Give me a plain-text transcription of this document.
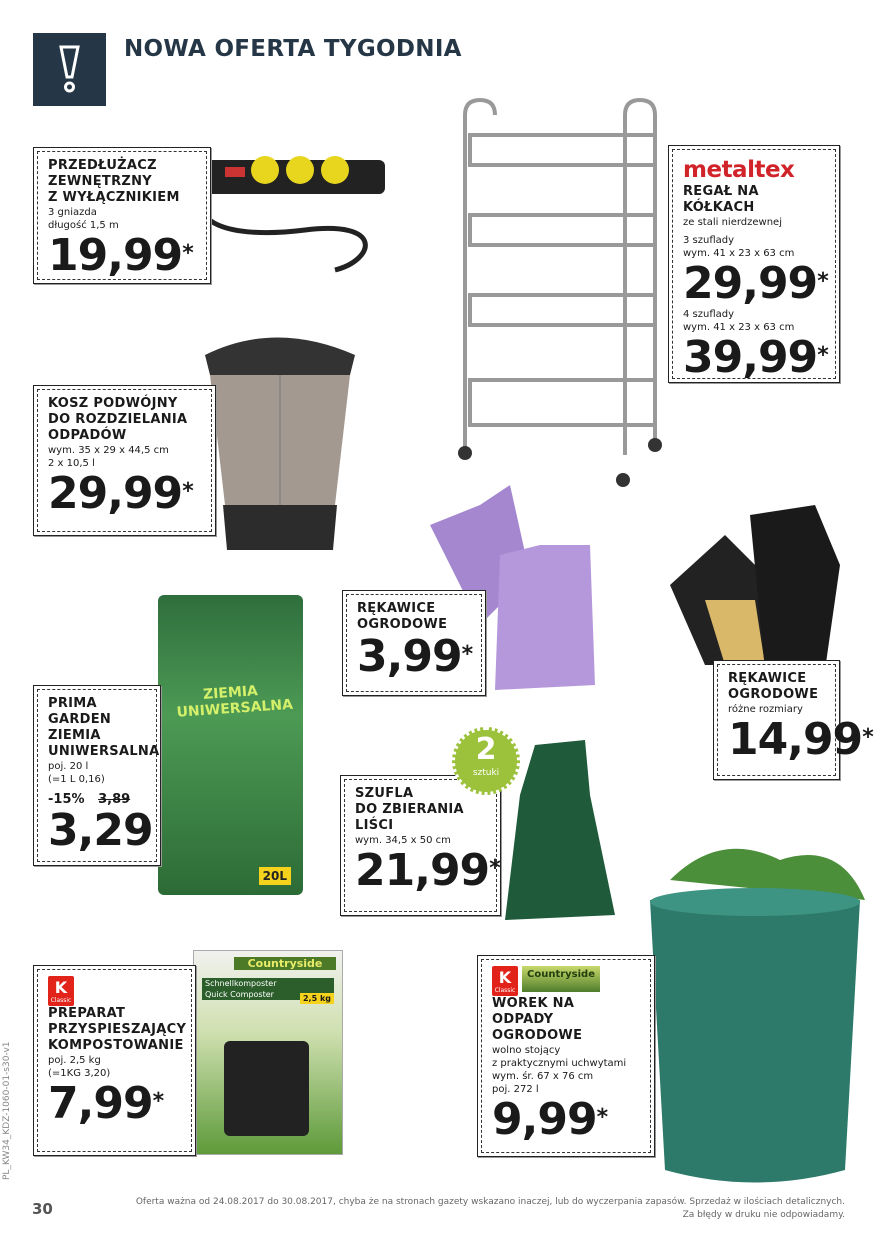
NOWA OFERTA TYGODNIA
ZIEMIA UNIWERSALNA
20L
Countryside
Schnellkomposter
Quick Composter	2,5 kg
PRZEDŁUŻACZ
ZEWNĘTRZNY
Z WYŁĄCZNIKIEM
3 gniazda
długość 1,5 m
19,99*
metaltex
REGAŁ NA KÓŁKACH
ze stali nierdzewnej
3 szuflady
wym. 41 x 23 x 63 cm
29,99*
4 szuflady
wym. 41 x 23 x 63 cm
39,99*
KOSZ PODWÓJNY
DO ROZDZIELANIA
ODPADÓW
wym. 35 x 29 x 44,5 cm
2 x 10,5 l
29,99*
RĘKAWICE
OGRODOWE
3,99*
RĘKAWICE
OGRODOWE
różne rozmiary
14,99*
PRIMA
GARDEN
ZIEMIA
UNIWERSALNA
poj. 20 l
(=1 L 0,16)
-15% 3,89
3,29
SZUFLA
DO ZBIERANIA
LIŚCI
wym. 34,5 x 50 cm
21,99*
2
sztuki
K
Classic
PREPARAT
PRZYSPIESZAJĄCY
KOMPOSTOWANIE
poj. 2,5 kg
(=1KG 3,20)
7,99*
K
ClassicCountryside
WOREK NA ODPADY
OGRODOWE
wolno stojący
z praktycznymi uchwytami
wym. śr. 67 x 76 cm
poj. 272 l
9,99*
PL_KW34_KDZ-1060-01-s30-v1
30	Oferta ważna od 24.08.2017 do 30.08.2017, chyba że na stronach gazety wskazano inaczej, lub do wyczerpania zapasów. Sprzedaż w ilościach detalicznych.
Za błędy w druku nie odpowiadamy.
